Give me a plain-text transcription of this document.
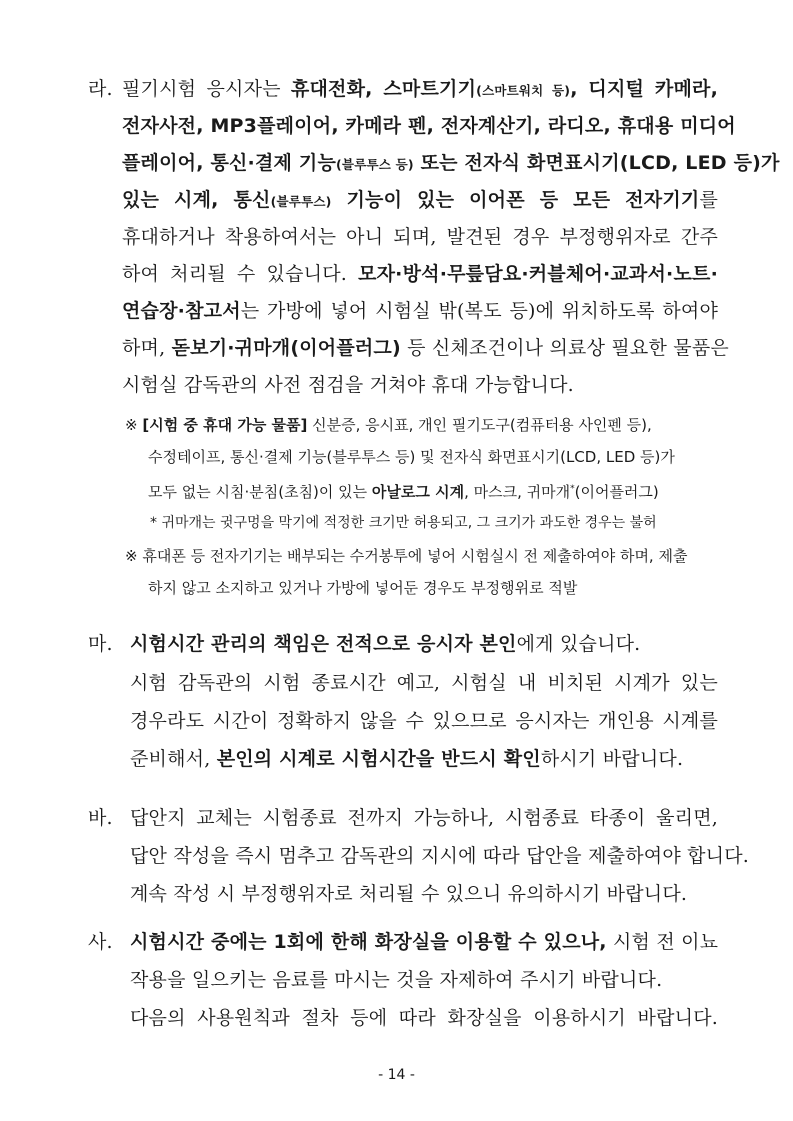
라. 필기시험 응시자는 휴대전화, 스마트기기(스마트워치 등), 디지털 카메라,
전자사전, MP3플레이어, 카메라 펜, 전자계산기, 라디오, 휴대용 미디어
플레이어, 통신·결제 기능(블루투스 등) 또는 전자식 화면표시기(LCD, LED 등)가
있는 시계, 통신(블루투스) 기능이 있는 이어폰 등 모든 전자기기를
휴대하거나 착용하여서는 아니 되며, 발견된 경우 부정행위자로 간주
하여 처리될 수 있습니다. 모자·방석·무릎담요·커블체어·교과서·노트·
연습장·참고서는 가방에 넣어 시험실 밖(복도 등)에 위치하도록 하여야
하며, 돋보기·귀마개(이어플러그) 등 신체조건이나 의료상 필요한 물품은
시험실 감독관의 사전 점검을 거쳐야 휴대 가능합니다.
※ [시험 중 휴대 가능 물품] 신분증, 응시표, 개인 필기도구(컴퓨터용 사인펜 등),
수정테이프, 통신·결제 기능(블루투스 등) 및 전자식 화면표시기(LCD, LED 등)가
모두 없는 시침·분침(초침)이 있는 아날로그 시계, 마스크, 귀마개*(이어플러그)
* 귀마개는 귓구멍을 막기에 적정한 크기만 허용되고, 그 크기가 과도한 경우는 불허
※ 휴대폰 등 전자기기는 배부되는 수거봉투에 넣어 시험실시 전 제출하여야 하며, 제출
하지 않고 소지하고 있거나 가방에 넣어둔 경우도 부정행위로 적발
마. 시험시간 관리의 책임은 전적으로 응시자 본인에게 있습니다.
시험 감독관의 시험 종료시간 예고, 시험실 내 비치된 시계가 있는
경우라도 시간이 정확하지 않을 수 있으므로 응시자는 개인용 시계를
준비해서, 본인의 시계로 시험시간을 반드시 확인하시기 바랍니다.
바. 답안지 교체는 시험종료 전까지 가능하나, 시험종료 타종이 울리면,
답안 작성을 즉시 멈추고 감독관의 지시에 따라 답안을 제출하여야 합니다.
계속 작성 시 부정행위자로 처리될 수 있으니 유의하시기 바랍니다.
사. 시험시간 중에는 1회에 한해 화장실을 이용할 수 있으나, 시험 전 이뇨
작용을 일으키는 음료를 마시는 것을 자제하여 주시기 바랍니다.
다음의 사용원칙과 절차 등에 따라 화장실을 이용하시기 바랍니다.
- 14 -
